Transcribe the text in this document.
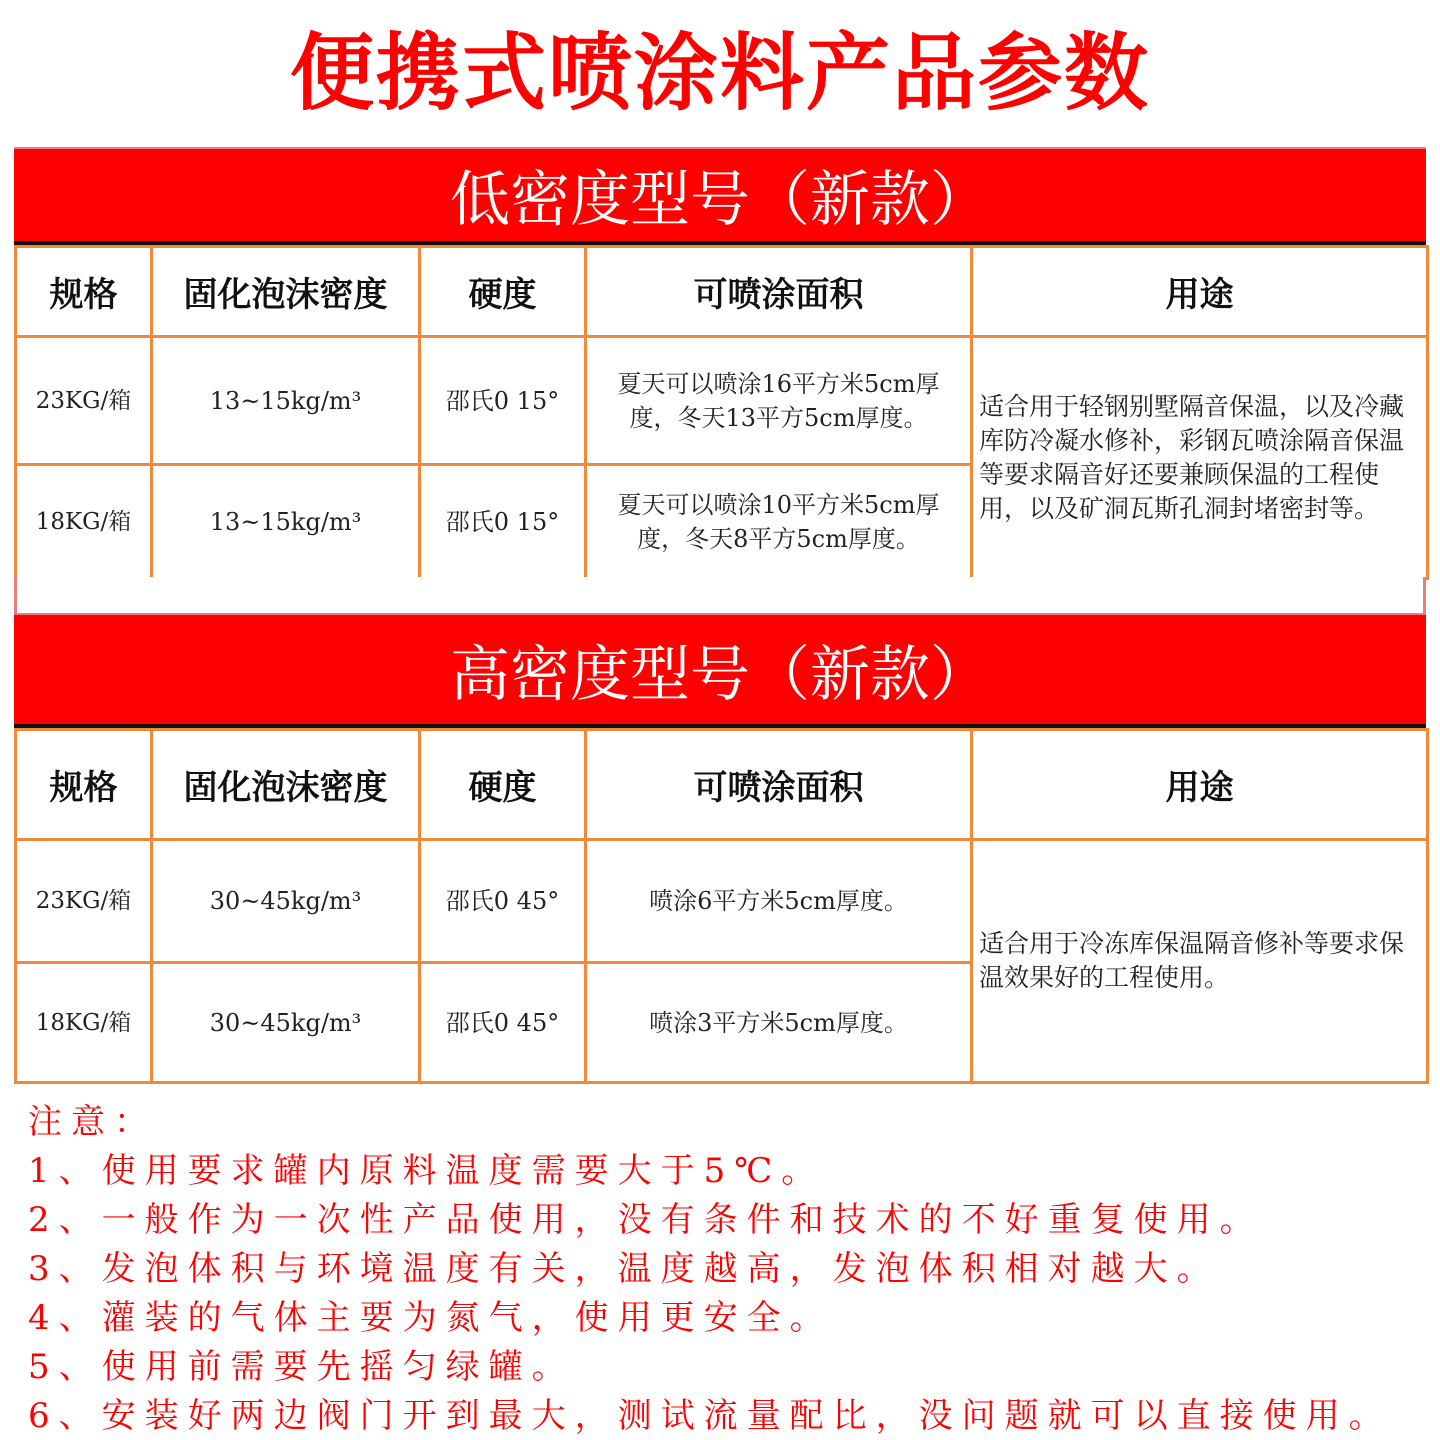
便携式喷涂料产品参数
低密度型号（新款）
规格	固化泡沫密度	硬度	可喷涂面积	用途
23KG/箱	13~15kg/m³	邵氏0 15°	夏天可以喷涂16平方米5cm厚度，冬天13平方5cm厚度。	适合用于轻钢别墅隔音保温，以及冷藏库防冷凝水修补，彩钢瓦喷涂隔音保温等要求隔音好还要兼顾保温的工程使用，以及矿洞瓦斯孔洞封堵密封等。
18KG/箱	13~15kg/m³	邵氏0 15°	夏天可以喷涂10平方米5cm厚度，冬天8平方5cm厚度。	
高密度型号（新款）
规格	固化泡沫密度	硬度	可喷涂面积	用途
23KG/箱	30~45kg/m³	邵氏0 45°	喷涂6平方米5cm厚度。	适合用于冷冻库保温隔音修补等要求保温效果好的工程使用。
18KG/箱	30~45kg/m³	邵氏0 45°	喷涂3平方米5cm厚度。	
注意：
1、使用要求罐内原料温度需要大于5℃。
2、一般作为一次性产品使用，没有条件和技术的不好重复使用。
3、发泡体积与环境温度有关，温度越高，发泡体积相对越大。
4、灌装的气体主要为氮气，使用更安全。
5、使用前需要先摇匀绿罐。
6、安装好两边阀门开到最大，测试流量配比，没问题就可以直接使用。
